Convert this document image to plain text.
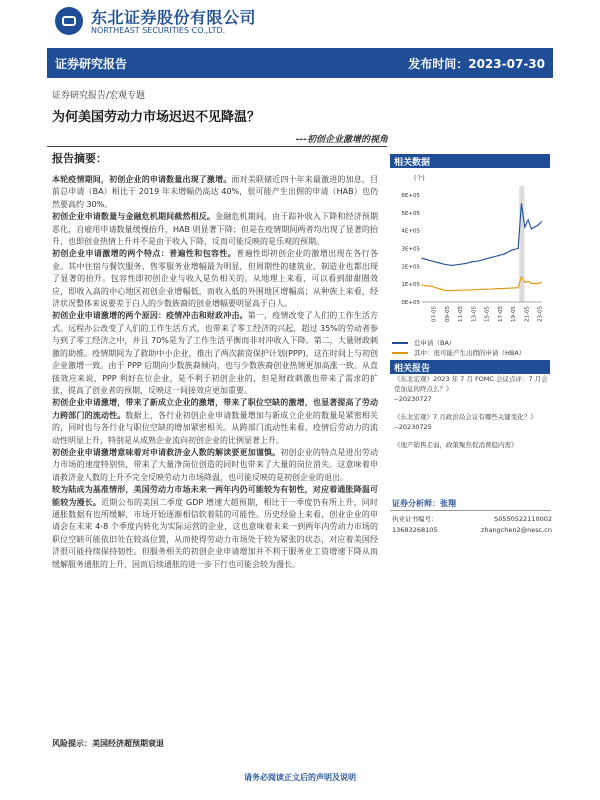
东北证券股份有限公司
NORTHEAST SECURITIES CO.,LTD.
证券研究报告	发布时间：2023-07-30
证券研究报告/宏观专题
为何美国劳动力市场迟迟不见降温？
---初创企业激增的视角
报告摘要：

本轮疫情期间，初创企业的申请数量出现了激增。面对美联储近四十年来最激进的加息，目前总申请（BA）相比于 2019 年末增幅仍高达 40%，很可能产生出佣的申请（HAB）也仍然要高约 30%。

初创企业申请数量与金融危机期间截然相反。金融危机期间，由于踪补收入下降和经济预期恶化，自雇用申请数量缓慢抬升，HAB 则显著下降；但是在疫情期间两者均出现了显著的抬升，也即创业热情上升并不是由于收入下降，反而可能反映的是乐观的预期。

初创企业申请激增的两个特点：普遍性和包容性。普遍性即初创企业的激增出现在各行各业。其中住宿与餐饮服务、售零服务业增幅最为明显，但周期性的建筑业、制造业也都出现了显著的抬升。包容性即初创企业与收入是负相关的。从地理上来看，可以看到甜甜圈效应，即收入高的中心地区初创企业增幅低，而收入低的外围地区增幅高；从种族上来看，经济状况整体来说要差于白人的少数族裔的创业增幅要明显高于白人。

初创企业申请激增的两个原因：疫情冲击和财政冲击。第一，疫情改变了人们的工作生活方式。远程办公改变了人们的工作生活方式，也带来了零工经济的兴起，超过 35%的劳动者参与到了零工经济之中，并且 70%是为了工作生活平衡而非对冲收入下降。第二，大量财政刺激的助推。疫情期间为了救助中小企业，推出了两次薪资保护计划(PPP)，这在时间上与初创企业激增一致。由于 PPP 后期向少数族裔倾向，也与少数族裔创业热情更加高涨一致。从直接效应来说，PPP 利好在位企业，是不利于初创企业的，但是财政刺激也带来了需求的扩张，提高了创业者的预期，反映这一间接效应更加重要。

初创企业申请激增，带来了新成立企业的激增，带来了职位空缺的激增，也显著提高了劳动力跨部门的流动性。数据上，各行业初创企业申请数量增加与新成立企业的数量是紧密相关的，同时也与各行业与职位空缺的增加紧密相关。从跨部门流动性来看，疫情后劳动力的流动性明显上升，特别是从成熟企业流向初创企业的比例显著上升。

初创企业申请激增意味着对申请救济金人数的解读要更加谨慎。初创企业的特点是进出劳动力市场的速度特别快，带来了大量净岗位创造的同时也带来了大量的岗位消失。这意味着申请救济金人数的上升不完全反映劳动力市场降温，也可能反映的是初创企业的退出。

较为陆成为基准情形，美国劳动力市场未来一两年内仍可能较为有韧性，对应着通胀降温可能较为漫长。近期公布的美国二季度 GDP 增速大超预期，相比于一季度仍有所上升，同时通胀数据有也所缓解，市场开始逐渐相信软着陆的可能性。历史经验上来看，创业企业的申请会在未来 4-8 个季度内转化为实际运营的企业，这也意味着未来一到两年内劳动力市场的职位空缺可能依旧处在较高位置，从而使得劳动力市场处于较为紧张的状态，对应着美国经济很可能持续保持韧性。但服务相关的初创企业申请增加并不利于服务业工资增速下降从而缓解服务通胀的上升，因而后续通胀的进一步下行也可能会较为漫长。

风险提示：美国经济超预期衰退
请务必阅读正文后的声明及说明
相关数据
(个)
0E+05
1E+05
2E+05
3E+05
4E+05
5E+05
6E+05
07-05 09-05 11-05 13-05 15-05 17-05 19-05 21-05 23-05
总申请（BA）
其中：很可能产生出佣的申请（HBA）
相关报告
《东北宏观》2023 年 7 月 FOMC 会议点评：7 月会是加息的终点么？》
--20230727
《东北宏观》7 月政治局会议有哪些关键变化？》
--20230725
《地产销售走弱，政策聚焦促消费稳内需》
证券分析师：张翔
执业证书编号：	S0550522110002
13683268105	zhangchen2@nesc.cn
